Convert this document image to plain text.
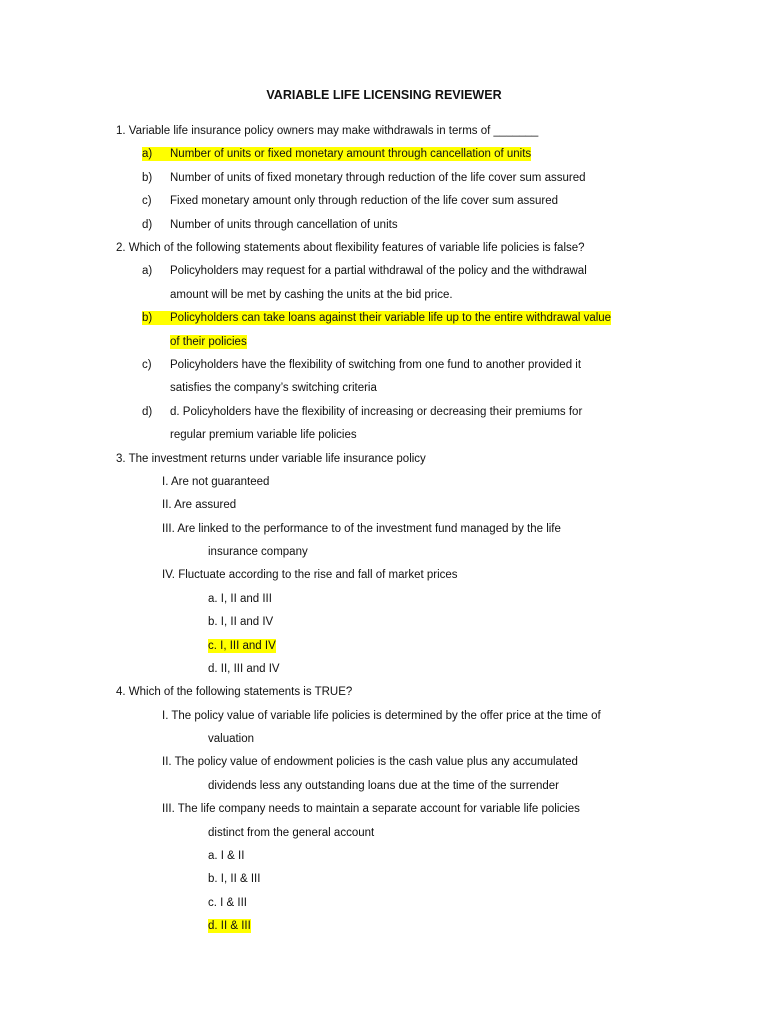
VARIABLE LIFE LICENSING REVIEWER
1. Variable life insurance policy owners may make withdrawals in terms of _______
a)	Number of units or fixed monetary amount through cancellation of units
b) Number of units of fixed monetary through reduction of the life cover sum assured
c) Fixed monetary amount only through reduction of the life cover sum assured
d) Number of units through cancellation of units
2. Which of the following statements about flexibility features of variable life policies is false?
a) Policyholders may request for a partial withdrawal of the policy and the withdrawal
amount will be met by cashing the units at the bid price.
b)	Policyholders can take loans against their variable life up to the entire withdrawal value
of their policies
c) Policyholders have the flexibility of switching from one fund to another provided it
satisfies the company’s switching criteria
d) d. Policyholders have the flexibility of increasing or decreasing their premiums for
regular premium variable life policies
3. The investment returns under variable life insurance policy
I. Are not guaranteed
II. Are assured
III. Are linked to the performance to of the investment fund managed by the life
insurance company
IV. Fluctuate according to the rise and fall of market prices
a. I, II and III
b. I, II and IV
c. I, III and IV
d. II, III and IV
4. Which of the following statements is TRUE?
I. The policy value of variable life policies is determined by the offer price at the time of
valuation
II. The policy value of endowment policies is the cash value plus any accumulated
dividends less any outstanding loans due at the time of the surrender
III. The life company needs to maintain a separate account for variable life policies
distinct from the general account
a. I & II
b. I, II & III
c. I & III
d. II & III
